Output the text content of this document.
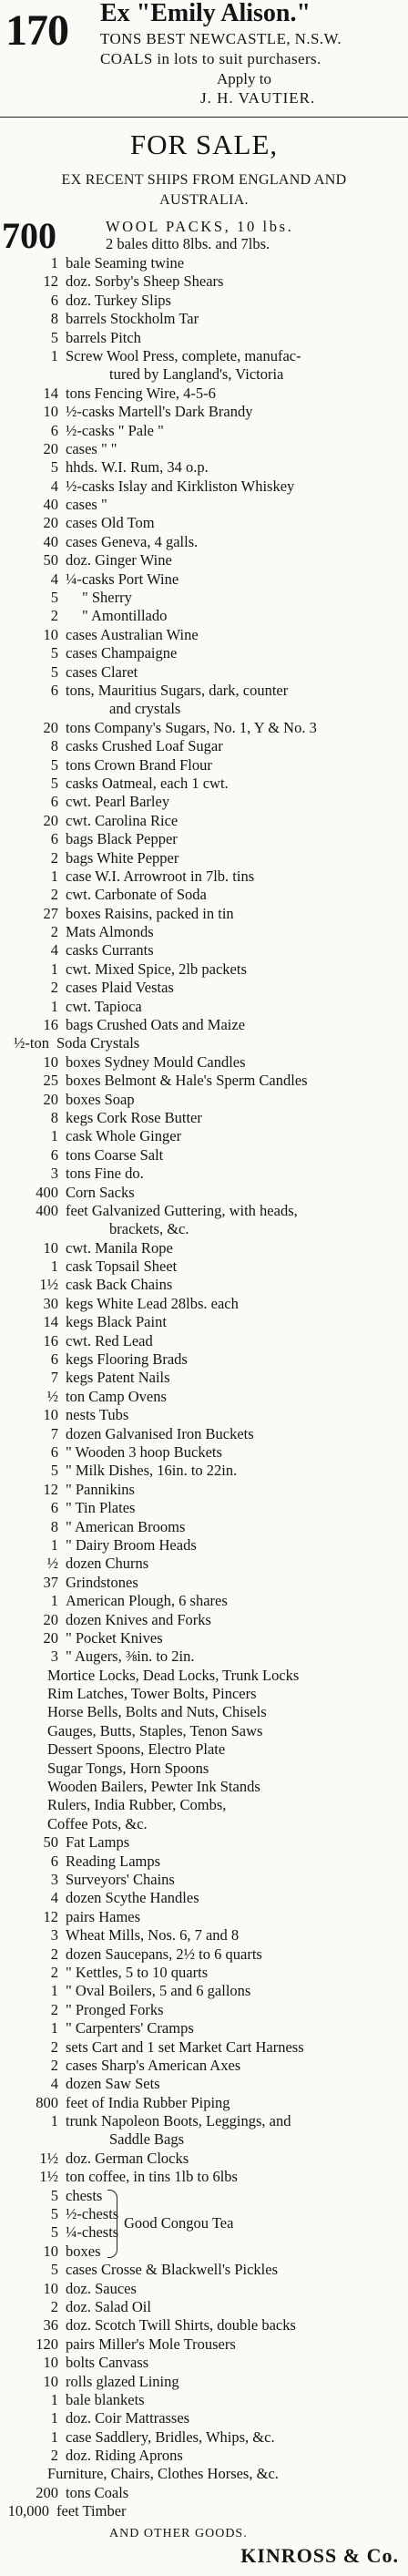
170 Ex "Emily Alison."
TONS BEST NEWCASTLE, N.S.W.
COALS in lots to suit purchasers.
Apply to
J. H. VAUTIER.
FOR SALE,
EX RECENT SHIPS FROM ENGLAND AND
AUSTRALIA.
700	WOOL PACKS, 10 lbs.
2 bales ditto 8lbs. and 7lbs.
1 bale Seaming twine
12 doz. Sorby's Sheep Shears
6 doz. Turkey Slips
8 barrels Stockholm Tar
5 barrels Pitch
1 Screw Wool Press, complete, manufac-
tured by Langland's, Victoria
14 tons Fencing Wire, 4-5-6
10 ½-casks Martell's Dark Brandy
6 ½-casks " Pale "
20 cases " "
5 hhds. W.I. Rum, 34 o.p.
4 ½-casks Islay and Kirkliston Whiskey
40 cases "
20 cases Old Tom
40 cases Geneva, 4 galls.
50 doz. Ginger Wine
4 ¼-casks Port Wine
5 " Sherry
2 " Amontillado
10 cases Australian Wine
5 cases Champaigne
5 cases Claret
6 tons, Mauritius Sugars, dark, counter
and crystals
20 tons Company's Sugars, No. 1, Y & No. 3
8 casks Crushed Loaf Sugar
5 tons Crown Brand Flour
5 casks Oatmeal, each 1 cwt.
6 cwt. Pearl Barley
20 cwt. Carolina Rice
6 bags Black Pepper
2 bags White Pepper
1 case W.I. Arrowroot in 7lb. tins
2 cwt. Carbonate of Soda
27 boxes Raisins, packed in tin
2 Mats Almonds
4 casks Currants
1 cwt. Mixed Spice, 2lb packets
2 cases Plaid Vestas
1 cwt. Tapioca
16 bags Crushed Oats and Maize
½-ton Soda Crystals
10 boxes Sydney Mould Candles
25 boxes Belmont & Hale's Sperm Candles
20 boxes Soap
8 kegs Cork Rose Butter
1 cask Whole Ginger
6 tons Coarse Salt
3 tons Fine do.
400 Corn Sacks
400 feet Galvanized Guttering, with heads,
brackets, &c.
10 cwt. Manila Rope
1 cask Topsail Sheet
1½ cask Back Chains
30 kegs White Lead 28lbs. each
14 kegs Black Paint
16 cwt. Red Lead
6 kegs Flooring Brads
7 kegs Patent Nails
½ ton Camp Ovens
10 nests Tubs
7 dozen Galvanised Iron Buckets
6 " Wooden 3 hoop Buckets
5 " Milk Dishes, 16in. to 22in.
12 " Pannikins
6 " Tin Plates
8 " American Brooms
1 " Dairy Broom Heads
½ dozen Churns
37 Grindstones
1 American Plough, 6 shares
20 dozen Knives and Forks
20 " Pocket Knives
3 " Augers, ⅜in. to 2in.
Mortice Locks, Dead Locks, Trunk Locks
Rim Latches, Tower Bolts, Pincers
Horse Bells, Bolts and Nuts, Chisels
Gauges, Butts, Staples, Tenon Saws
Dessert Spoons, Electro Plate
Sugar Tongs, Horn Spoons
Wooden Bailers, Pewter Ink Stands
Rulers, India Rubber, Combs,
Coffee Pots, &c.
50 Fat Lamps
6 Reading Lamps
3 Surveyors' Chains
4 dozen Scythe Handles
12 pairs Hames
3 Wheat Mills, Nos. 6, 7 and 8
2 dozen Saucepans, 2½ to 6 quarts
2 " Kettles, 5 to 10 quarts
1 " Oval Boilers, 5 and 6 gallons
2 " Pronged Forks
1 " Carpenters' Cramps
2 sets Cart and 1 set Market Cart Harness
2 cases Sharp's American Axes
4 dozen Saw Sets
800 feet of India Rubber Piping
1 trunk Napoleon Boots, Leggings, and
Saddle Bags
1½ doz. German Clocks
1½ ton coffee, in tins 1lb to 6lbs
5 chests
5 ½-chests
5 ¼-chests
10 boxes
Good Congou Tea
5 cases Crosse & Blackwell's Pickles
10 doz. Sauces
2 doz. Salad Oil
36 doz. Scotch Twill Shirts, double backs
120 pairs Miller's Mole Trousers
10 bolts Canvass
10 rolls glazed Lining
1 bale blankets
1 doz. Coir Mattrasses
1 case Saddlery, Bridles, Whips, &c.
2 doz. Riding Aprons
Furniture, Chairs, Clothes Horses, &c.
200 tons Coals
10,000 feet Timber
AND OTHER GOODS.
KINROSS & Co.
